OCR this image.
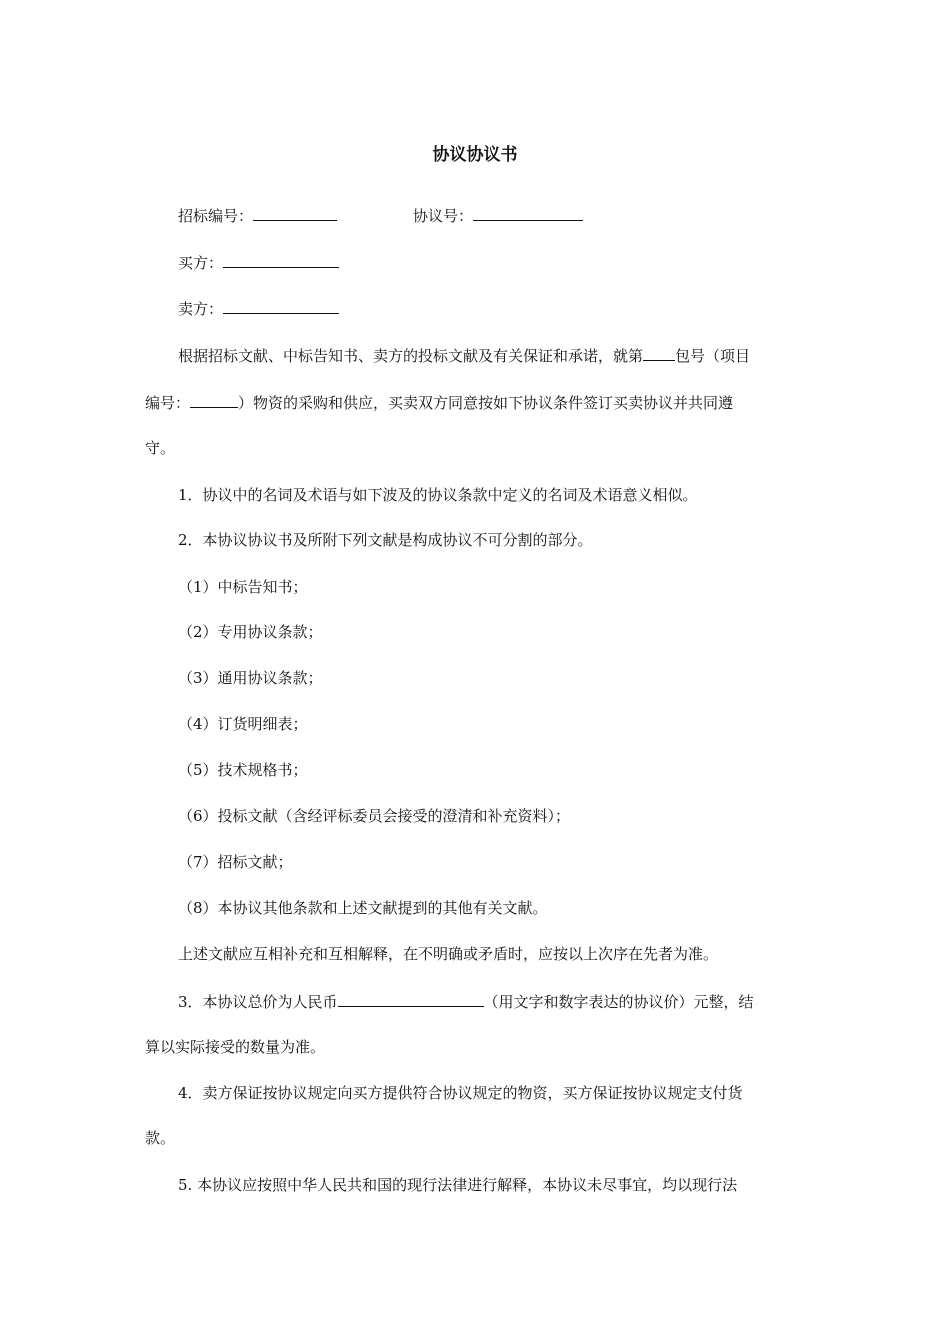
协议协议书
招标编号：	协议号：
买方：
卖方：
根据招标文献、中标告知书、卖方的投标文献及有关保证和承诺，就第 包号（项目
编号：	）物资的采购和供应，买卖双方同意按如下协议条件签订买卖协议并共同遵
守。
1．协议中的名词及术语与如下波及的协议条款中定义的名词及术语意义相似。
2．本协议协议书及所附下列文献是构成协议不可分割的部分。
（1）中标告知书；
（2）专用协议条款；
（3）通用协议条款；
（4）订货明细表；
（5）技术规格书；
（6）投标文献（含经评标委员会接受的澄清和补充资料）；
（7）招标文献；
（8）本协议其他条款和上述文献提到的其他有关文献。
上述文献应互相补充和互相解释，在不明确或矛盾时，应按以上次序在先者为准。
3．本协议总价为人民币	（用文字和数字表达的协议价）元整，结
算以实际接受的数量为准。
4．卖方保证按协议规定向买方提供符合协议规定的物资，买方保证按协议规定支付货
款。
5. 本协议应按照中华人民共和国的现行法律进行解释，本协议未尽事宜，均以现行法
